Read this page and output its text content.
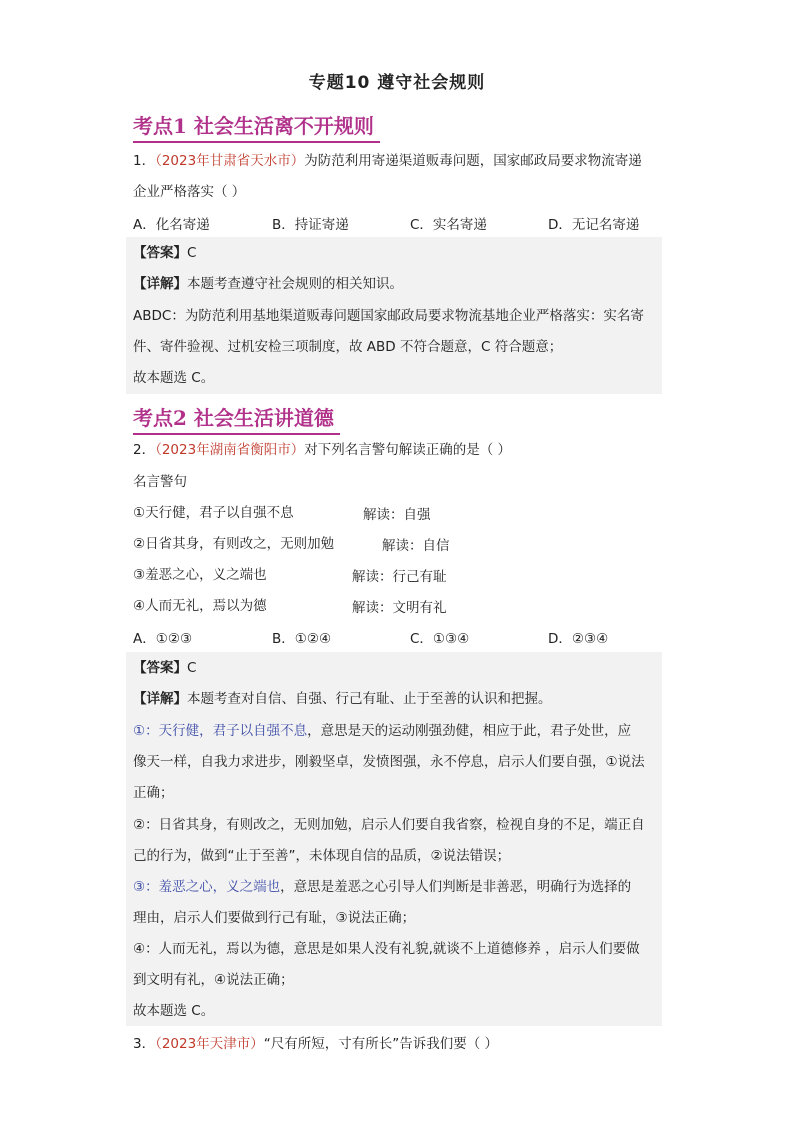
专题10 遵守社会规则
考点1 社会生活离不开规则
1．（2023年甘肃省天水市）为防范利用寄递渠道贩毒问题，国家邮政局要求物流寄递
企业严格落实（ ）
A．化名寄递	B．持证寄递	C．实名寄递	D．无记名寄递
【答案】C
【详解】本题考查遵守社会规则的相关知识。
ABDC：为防范利用基地渠道贩毒问题国家邮政局要求物流基地企业严格落实：实名寄
件、寄件验视、过机安检三项制度，故 ABD 不符合题意，C 符合题意；
故本题选 C。
考点2 社会生活讲道德
2．（2023年湖南省衡阳市）对下列名言警句解读正确的是（ ）
名言警句
①天行健，君子以自强不息	解读：自强
②日省其身，有则改之，无则加勉	解读：自信
③羞恶之心，义之端也	解读：行己有耻
④人而无礼，焉以为德	解读：文明有礼
A．①②③	B．①②④	C．①③④	D．②③④
【答案】C
【详解】本题考查对自信、自强、行己有耻、止于至善的认识和把握。
①：天行健，君子以自强不息，意思是天的运动刚强劲健，相应于此，君子处世，应
像天一样，自我力求进步，刚毅坚卓，发愤图强，永不停息，启示人们要自强，①说法
正确；
②：日省其身，有则改之，无则加勉，启示人们要自我省察，检视自身的不足，端正自
己的行为，做到“止于至善”，未体现自信的品质，②说法错误；
③：羞恶之心，义之端也，意思是羞恶之心引导人们判断是非善恶，明确行为选择的
理由，启示人们要做到行己有耻，③说法正确；
④：人而无礼，焉以为德，意思是如果人没有礼貌,就谈不上道德修养 ，启示人们要做
到文明有礼，④说法正确；
故本题选 C。
3．（2023年天津市）“尺有所短，寸有所长”告诉我们要（ ）
